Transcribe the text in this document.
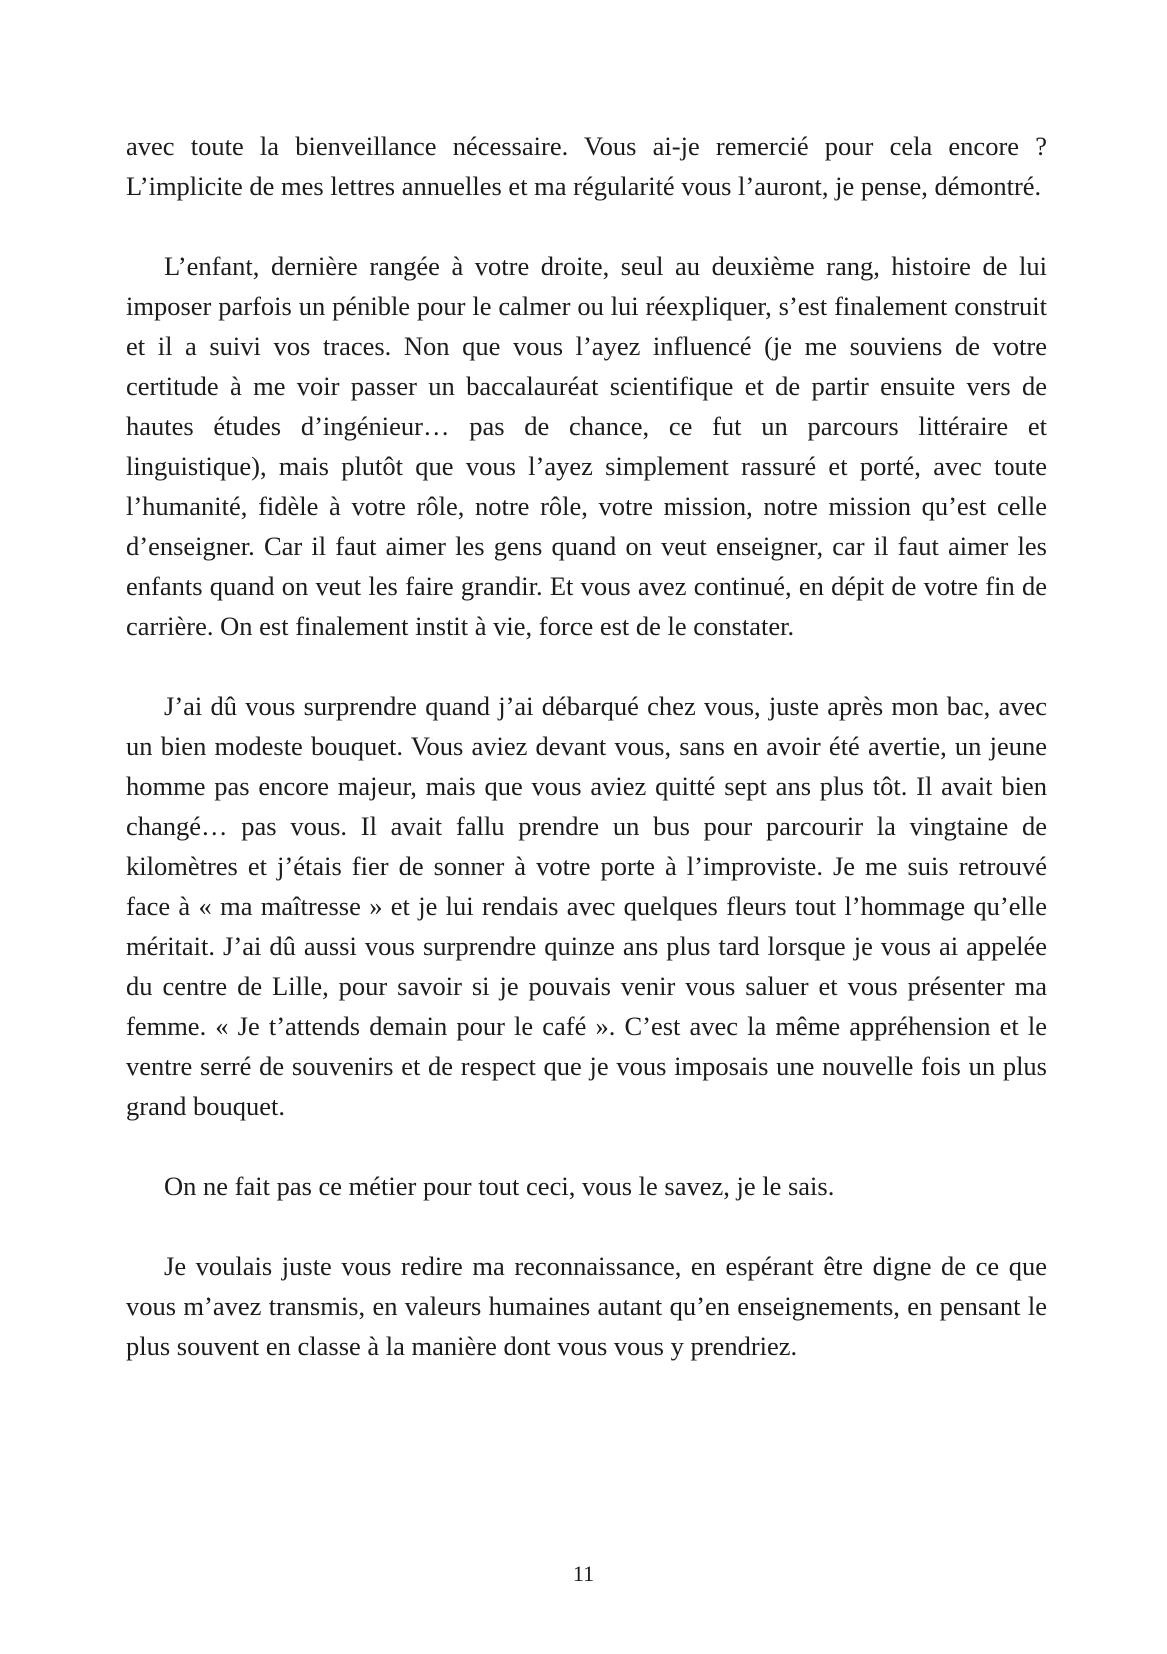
avec toute la bienveillance nécessaire. Vous ai-je remercié pour cela encore ? L’implicite de mes lettres annuelles et ma régularité vous l’auront, je pense, démontré.

L’enfant, dernière rangée à votre droite, seul au deuxième rang, histoire de lui imposer parfois un pénible pour le calmer ou lui réexpliquer, s’est finalement construit et il a suivi vos traces. Non que vous l’ayez influencé (je me souviens de votre certitude à me voir passer un baccalauréat scientifique et de partir ensuite vers de hautes études d’ingénieur… pas de chance, ce fut un parcours littéraire et linguistique), mais plutôt que vous l’ayez simplement rassuré et porté, avec toute l’humanité, fidèle à votre rôle, notre rôle, votre mission, notre mission qu’est celle d’enseigner. Car il faut aimer les gens quand on veut enseigner, car il faut aimer les enfants quand on veut les faire grandir. Et vous avez continué, en dépit de votre fin de carrière. On est finalement instit à vie, force est de le constater.

J’ai dû vous surprendre quand j’ai débarqué chez vous, juste après mon bac, avec un bien modeste bouquet. Vous aviez devant vous, sans en avoir été avertie, un jeune homme pas encore majeur, mais que vous aviez quitté sept ans plus tôt. Il avait bien changé… pas vous. Il avait fallu prendre un bus pour parcourir la vingtaine de kilomètres et j’étais fier de sonner à votre porte à l’improviste. Je me suis retrouvé face à « ma maîtresse » et je lui rendais avec quelques fleurs tout l’hommage qu’elle méritait. J’ai dû aussi vous surprendre quinze ans plus tard lorsque je vous ai appelée du centre de Lille, pour savoir si je pouvais venir vous saluer et vous présenter ma femme. « Je t’attends demain pour le café ». C’est avec la même appréhension et le ventre serré de souvenirs et de respect que je vous imposais une nouvelle fois un plus grand bouquet.

On ne fait pas ce métier pour tout ceci, vous le savez, je le sais.

Je voulais juste vous redire ma reconnaissance, en espérant être digne de ce que vous m’avez transmis, en valeurs humaines autant qu’en enseignements, en pensant le plus souvent en classe à la manière dont vous vous y prendriez.

11
